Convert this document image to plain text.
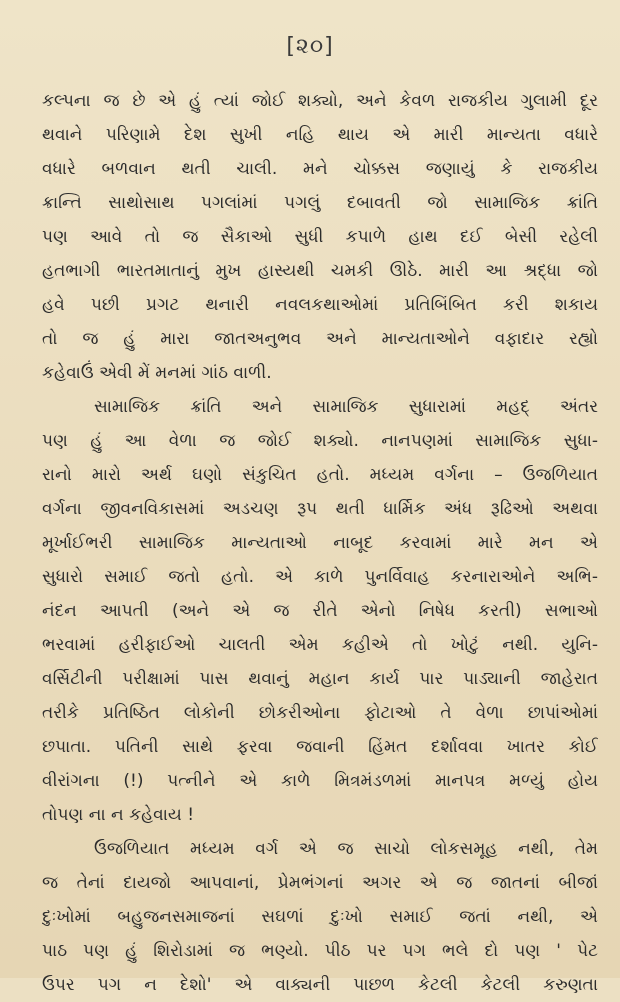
[૨૦]
કલ્પના જ છે એ હું ત્યાં જોઈ શક્યો, અને કેવળ રાજકીય ગુલામી દૂર
થવાને પરિણામે દેશ સુખી નહિ થાય એ મારી માન્યતા વધારે
વધારે બળવાન થતી ચાલી. મને ચોક્કસ જણાયું કે રાજકીય
ક્રાન્તિ સાથોસાથ પગલાંમાં પગલું દબાવતી જો સામાજિક ક્રાંતિ
પણ આવે તો જ સૈકાઓ સુધી કપાળે હાથ દઈ બેસી રહેલી
હતભાગી ભારતમાતાનું મુખ હાસ્યથી ચમકી ઊઠે. મારી આ શ્રદ્ધા જો
હવે પછી પ્રગટ થનારી નવલકથાઓમાં પ્રતિબિંબિત કરી શકાય
તો જ હું મારા જાતઅનુભવ અને માન્યતાઓને વફાદાર રહ્યો
કહેવાઉં એવી મેં મનમાં ગાંઠ વાળી.
સામાજિક ક્રાંતિ અને સામાજિક સુધારામાં મહદ્ અંતર
પણ હું આ વેળા જ જોઈ શક્યો. નાનપણમાં સામાજિક સુધા-
રાનો મારો અર્થ ઘણો સંકુચિત હતો. મધ્યમ વર્ગના – ઉજળિયાત
વર્ગના જીવનવિકાસમાં અડચણ રૂપ થતી ધાર્મિક અંધ રૂઢિઓ અથવા
મૂર્ખાઈભરી સામાજિક માન્યતાઓ નાબૂદ કરવામાં મારે મન એ
સુધારો સમાઈ જતો હતો. એ કાળે પુનર્વિવાહ કરનારાઓને અભિ-
નંદન આપતી (અને એ જ રીતે એનો નિષેધ કરતી) સભાઓ
ભરવામાં હરીફાઈઓ ચાલતી એમ કહીએ તો ખોટું નથી. યુનિ-
વર્સિટીની પરીક્ષામાં પાસ થવાનું મહાન કાર્ય પાર પાડ્યાની જાહેરાત
તરીકે પ્રતિષ્ઠિત લોકોની છોકરીઓના ફોટાઓ તે વેળા છાપાંઓમાં
છપાતા. પતિની સાથે ફરવા જવાની હિંમત દર્શાવવા ખાતર કોઈ
વીરાંગના (!) પત્નીને એ કાળે મિત્રમંડળમાં માનપત્ર મળ્યું હોય
તોપણ ના ન કહેવાય !
ઉજળિયાત મધ્યમ વર્ગ એ જ સાચો લોકસમૂહ નથી, તેમ
જ તેનાં દાયજો આપવાનાં, પ્રેમભંગનાં અગર એ જ જાતનાં બીજાં
દુઃખોમાં બહુજનસમાજનાં સઘળાં દુઃખો સમાઈ જતાં નથી, એ
પાઠ પણ હું શિરોડામાં જ ભણ્યો. પીઠ પર પગ ભલે દો પણ ' પેટ
ઉપર પગ ન દેશો' એ વાક્યની પાછળ કેટલી કેટલી કરુણતા
